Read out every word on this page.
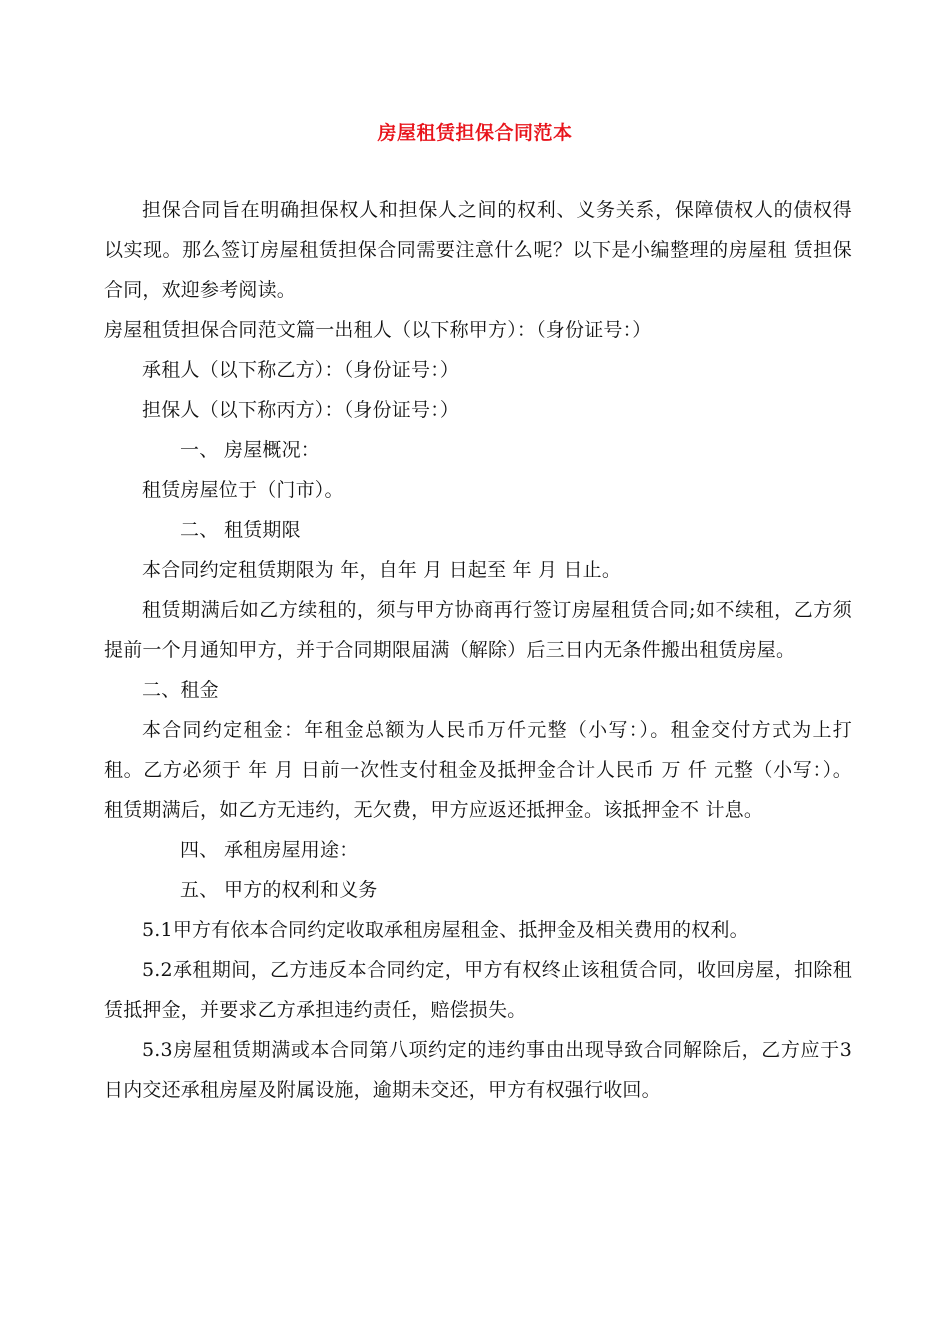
房屋租赁担保合同范本

担保合同旨在明确担保权人和担保人之间的权利、义务关系，保障债权人的债权得以实现。那么签订房屋租赁担保合同需要注意什么呢？以下是小编整理的房屋租 赁担保合同，欢迎参考阅读。

房屋租赁担保合同范文篇一出租人（以下称甲方）：（身份证号：）

承租人（以下称乙方）：（身份证号：）

担保人（以下称丙方）：（身份证号：）

一、 房屋概况：

租赁房屋位于（门市）。

二、 租赁期限

本合同约定租赁期限为 年，自年 月 日起至 年 月 日止。

租赁期满后如乙方续租的，须与甲方协商再行签订房屋租赁合同;如不续租，乙方须提前一个月通知甲方，并于合同期限届满（解除）后三日内无条件搬出租赁房屋。

二、租金

本合同约定租金：年租金总额为人民币万仟元整（小写：）。租金交付方式为上打租。乙方必须于 年 月 日前一次性支付租金及抵押金合计人民币 万 仟 元整（小写：）。租赁期满后，如乙方无违约，无欠费，甲方应返还抵押金。该抵押金不 计息。

四、 承租房屋用途：

五、 甲方的权利和义务

5.1甲方有依本合同约定收取承租房屋租金、抵押金及相关费用的权利。

5.2承租期间，乙方违反本合同约定，甲方有权终止该租赁合同，收回房屋，扣除租赁抵押金，并要求乙方承担违约责任，赔偿损失。

5.3房屋租赁期满或本合同第八项约定的违约事由出现导致合同解除后，乙方应于3日内交还承租房屋及附属设施，逾期未交还，甲方有权强行收回。
